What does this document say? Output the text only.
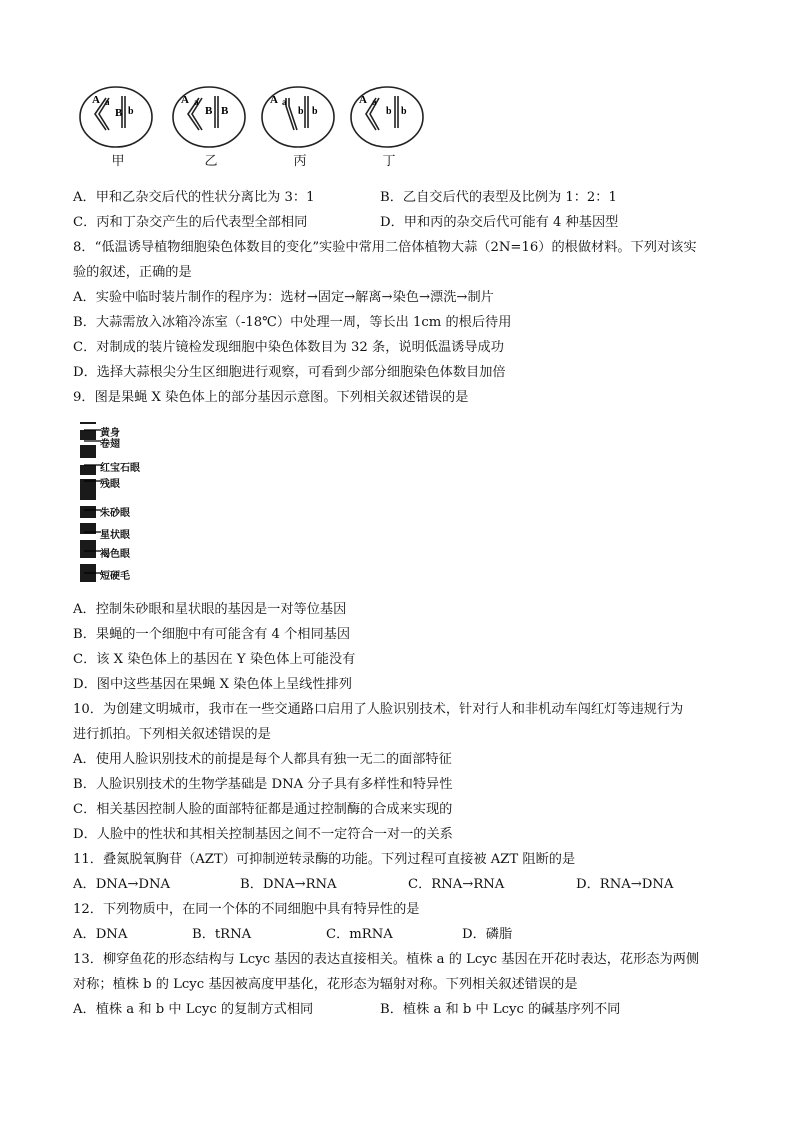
A a
B b
甲
A a
B B
乙
A a
b b
丙
A a
b b
丁
A．甲和乙杂交后代的性状分离比为 3：1	B．乙自交后代的表型及比例为 1：2：1
C．丙和丁杂交产生的后代表型全部相同	D．甲和丙的杂交后代可能有 4 种基因型
8．“低温诱导植物细胞染色体数目的变化”实验中常用二倍体植物大蒜（2N=16）的根做材料。下列对该实
验的叙述，正确的是
A．实验中临时装片制作的程序为：选材→固定→解离→染色→漂洗→制片
B．大蒜需放入冰箱冷冻室（-18℃）中处理一周，等长出 1cm 的根后待用
C．对制成的装片镜检发现细胞中染色体数目为 32 条，说明低温诱导成功
D．选择大蒜根尖分生区细胞进行观察，可看到少部分细胞染色体数目加倍
9．图是果蝇 X 染色体上的部分基因示意图。下列相关叙述错误的是
黄身
卷翅
红宝石眼
残眼
朱砂眼
星状眼
褐色眼
短硬毛
A．控制朱砂眼和星状眼的基因是一对等位基因
B．果蝇的一个细胞中有可能含有 4 个相同基因
C．该 X 染色体上的基因在 Y 染色体上可能没有
D．图中这些基因在果蝇 X 染色体上呈线性排列
10．为创建文明城市，我市在一些交通路口启用了人脸识别技术，针对行人和非机动车闯红灯等违规行为
进行抓拍。下列相关叙述错误的是
A．使用人脸识别技术的前提是每个人都具有独一无二的面部特征
B．人脸识别技术的生物学基础是 DNA 分子具有多样性和特异性
C．相关基因控制人脸的面部特征都是通过控制酶的合成来实现的
D．人脸中的性状和其相关控制基因之间不一定符合一对一的关系
11．叠氮脱氧胸苷（AZT）可抑制逆转录酶的功能。下列过程可直接被 AZT 阻断的是
A．DNA→DNA	B．DNA→RNA	C．RNA→RNA	D．RNA→DNA
12．下列物质中，在同一个体的不同细胞中具有特异性的是
A．DNA	B．tRNA	C．mRNA	D．磷脂
13．柳穿鱼花的形态结构与 Lcyc 基因的表达直接相关。植株 a 的 Lcyc 基因在开花时表达，花形态为两侧
对称；植株 b 的 Lcyc 基因被高度甲基化，花形态为辐射对称。下列相关叙述错误的是
A．植株 a 和 b 中 Lcyc 的复制方式相同	B．植株 a 和 b 中 Lcyc 的碱基序列不同
